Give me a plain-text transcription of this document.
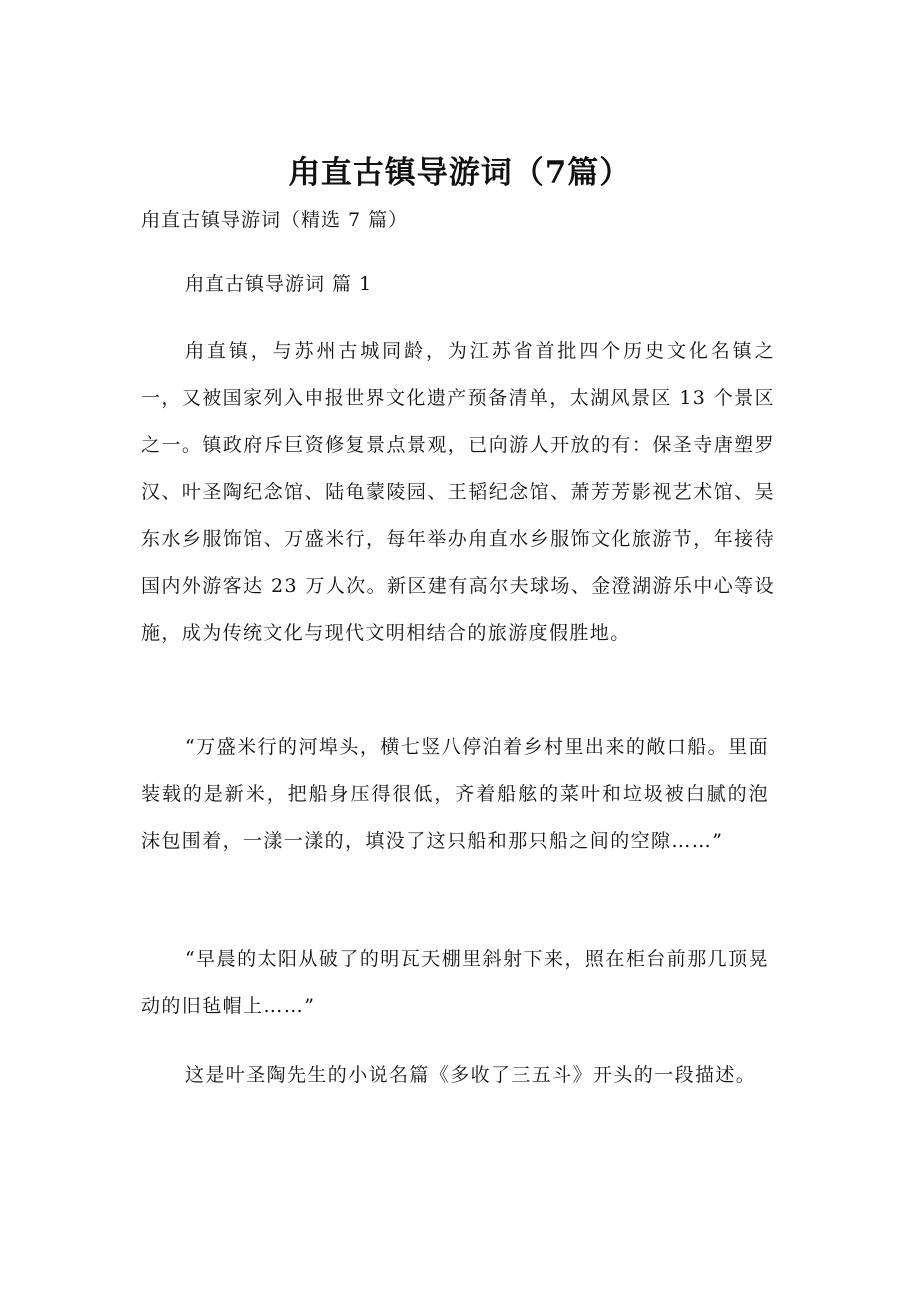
甪直古镇导游词（7篇）

甪直古镇导游词（精选 7 篇）

甪直古镇导游词 篇 1

甪直镇，与苏州古城同龄，为江苏省首批四个历史文化名镇之一，又被国家列入申报世界文化遗产预备清单，太湖风景区 13 个景区之一。镇政府斥巨资修复景点景观，已向游人开放的有：保圣寺唐塑罗汉、叶圣陶纪念馆、陆龟蒙陵园、王韬纪念馆、萧芳芳影视艺术馆、吴东水乡服饰馆、万盛米行，每年举办甪直水乡服饰文化旅游节，年接待国内外游客达 23 万人次。新区建有高尔夫球场、金澄湖游乐中心等设施，成为传统文化与现代文明相结合的旅游度假胜地。

“万盛米行的河埠头，横七竖八停泊着乡村里出来的敞口船。里面装载的是新米，把船身压得很低，齐着船舷的菜叶和垃圾被白腻的泡沫包围着，一漾一漾的，填没了这只船和那只船之间的空隙……”

“早晨的太阳从破了的明瓦天棚里斜射下来，照在柜台前那几顶晃动的旧毡帽上……”

这是叶圣陶先生的小说名篇《多收了三五斗》开头的一段描述。
